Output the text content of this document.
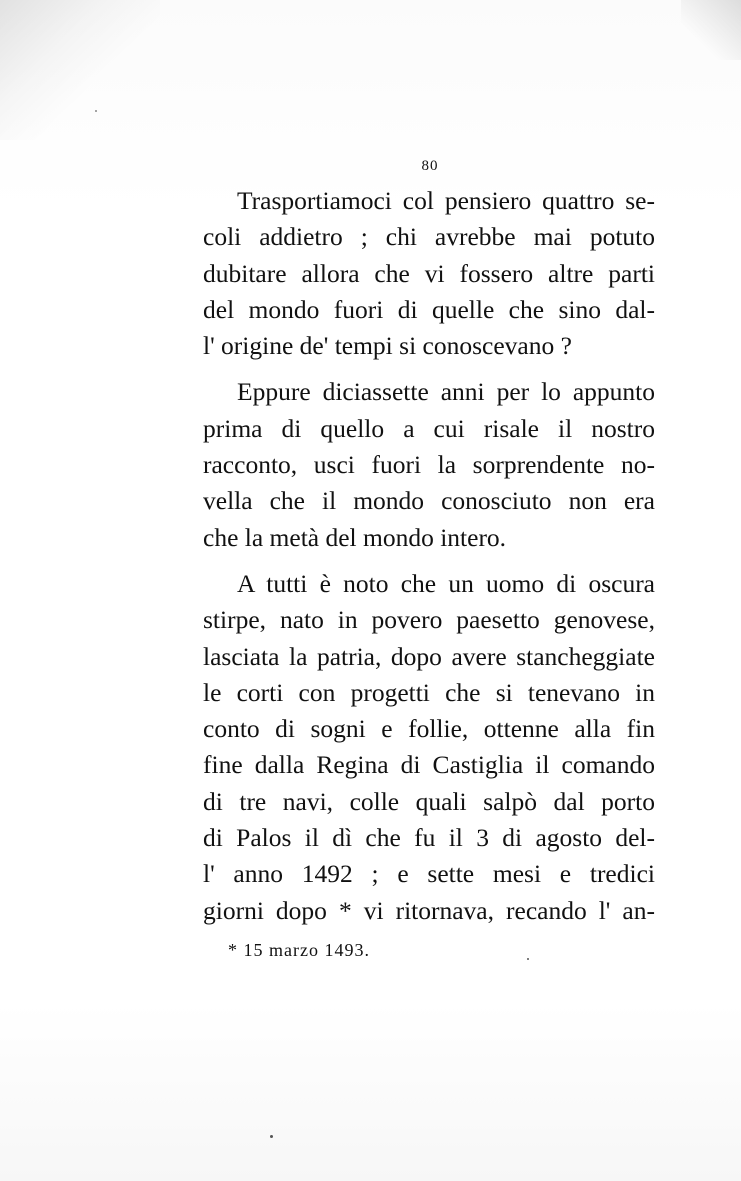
80

Trasportiamoci col pensiero quattro se-
coli addietro ; chi avrebbe mai potuto
dubitare allora che vi fossero altre parti
del mondo fuori di quelle che sino dal-
l' origine de' tempi si conoscevano ?

Eppure diciassette anni per lo appunto
prima di quello a cui risale il nostro
racconto, usci fuori la sorprendente no-
vella che il mondo conosciuto non era
che la metà del mondo intero.

A tutti è noto che un uomo di oscura
stirpe, nato in povero paesetto genovese,
lasciata la patria, dopo avere stancheggiate
le corti con progetti che si tenevano in
conto di sogni e follie, ottenne alla fin
fine dalla Regina di Castiglia il comando
di tre navi, colle quali salpò dal porto
di Palos il dì che fu il 3 di agosto del-
l' anno 1492 ; e sette mesi e tredici
giorni dopo * vi ritornava, recando l' an-

* 15 marzo 1493.
